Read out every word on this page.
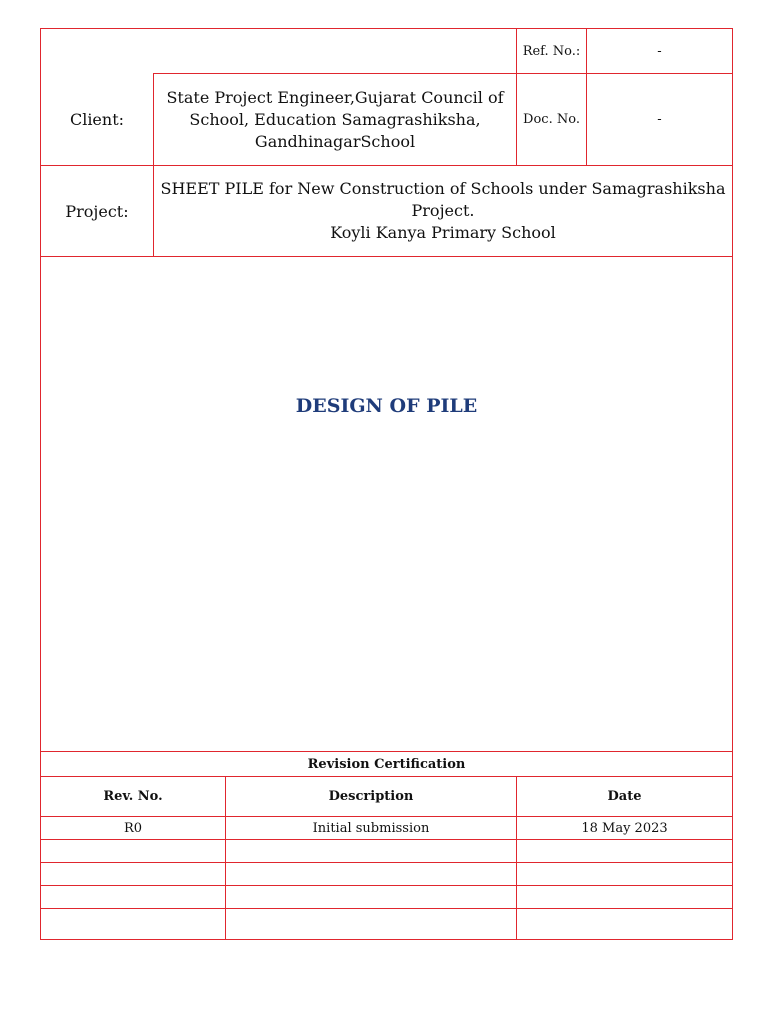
Ref. No.:	-
Client:
State Project Engineer,Gujarat Council of
School, Education Samagrashiksha,
GandhinagarSchool
Doc. No.	-
Project:
SHEET PILE for New Construction of Schools under Samagrashiksha
Project.
Koyli Kanya Primary School
DESIGN OF PILE
Revision Certification
Rev. No.	Description	Date
R0	Initial submission	18 May 2023
